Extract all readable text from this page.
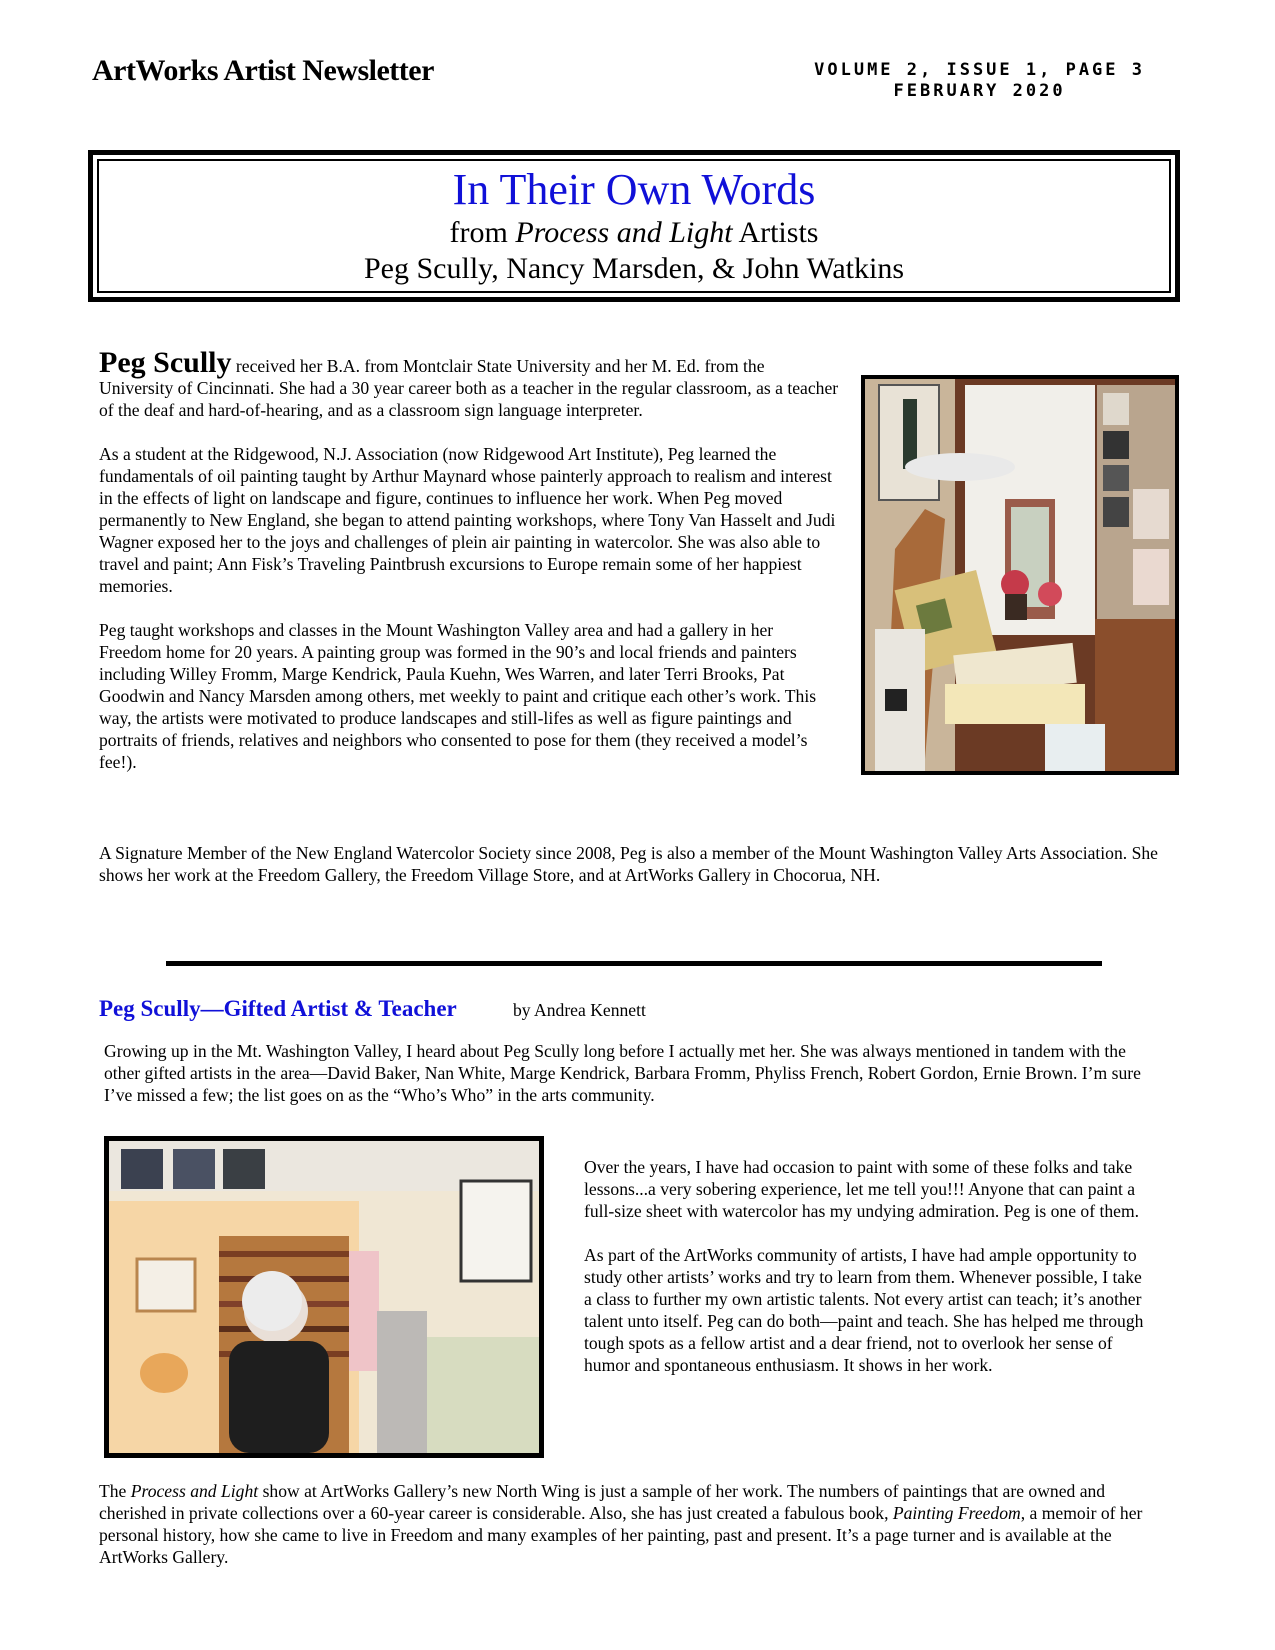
ArtWorks Artist Newsletter	VOLUME 2, ISSUE 1, PAGE 3
FEBRUARY 2020
In Their Own Words
from Process and Light Artists
Peg Scully, Nancy Marsden, & John Watkins

Peg Scully received her B.A. from Montclair State University and her M. Ed. from the University of Cincinnati. She had a 30 year career both as a teacher in the regular classroom, as a teacher of the deaf and hard-of-hearing, and as a classroom sign language interpreter.

As a student at the Ridgewood, N.J. Association (now Ridgewood Art Institute), Peg learned the fundamentals of oil painting taught by Arthur Maynard whose painterly approach to realism and interest in the effects of light on landscape and figure, continues to influence her work. When Peg moved permanently to New England, she began to attend painting workshops, where Tony Van Hasselt and Judi Wagner exposed her to the joys and challenges of plein air painting in watercolor. She was also able to travel and paint; Ann Fisk’s Traveling Paintbrush excursions to Europe remain some of her happiest memories.

Peg taught workshops and classes in the Mount Washington Valley area and had a gallery in her Freedom home for 20 years. A painting group was formed in the 90’s and local friends and painters including Willey Fromm, Marge Kendrick, Paula Kuehn, Wes Warren, and later Terri Brooks, Pat Goodwin and Nancy Marsden among others, met weekly to paint and critique each other’s work. This way, the artists were motivated to produce landscapes and still-lifes as well as figure paintings and portraits of friends, relatives and neighbors who consented to pose for them (they received a model’s fee!).

A Signature Member of the New England Watercolor Society since 2008, Peg is also a member of the Mount Washington Valley Arts Association. She shows her work at the Freedom Gallery, the Freedom Village Store, and at ArtWorks Gallery in Chocorua, NH.
Peg Scully—Gifted Artist & Teacher	by Andrea Kennett
Growing up in the Mt. Washington Valley, I heard about Peg Scully long before I actually met her. She was always mentioned in tandem with the other gifted artists in the area—David Baker, Nan White, Marge Kendrick, Barbara Fromm, Phyliss French, Robert Gordon, Ernie Brown. I’m sure I’ve missed a few; the list goes on as the “Who’s Who” in the arts community.

Over the years, I have had occasion to paint with some of these folks and take lessons...a very sobering experience, let me tell you!!! Anyone that can paint a full-size sheet with watercolor has my undying admiration. Peg is one of them.

As part of the ArtWorks community of artists, I have had ample opportunity to study other artists’ works and try to learn from them. Whenever possible, I take a class to further my own artistic talents. Not every artist can teach; it’s another talent unto itself. Peg can do both—paint and teach. She has helped me through tough spots as a fellow artist and a dear friend, not to overlook her sense of humor and spontaneous enthusiasm. It shows in her work.

The Process and Light show at ArtWorks Gallery’s new North Wing is just a sample of her work. The numbers of paintings that are owned and cherished in private collections over a 60-year career is considerable. Also, she has just created a fabulous book, Painting Freedom, a memoir of her personal history, how she came to live in Freedom and many examples of her painting, past and present. It’s a page turner and is available at the ArtWorks Gallery.
